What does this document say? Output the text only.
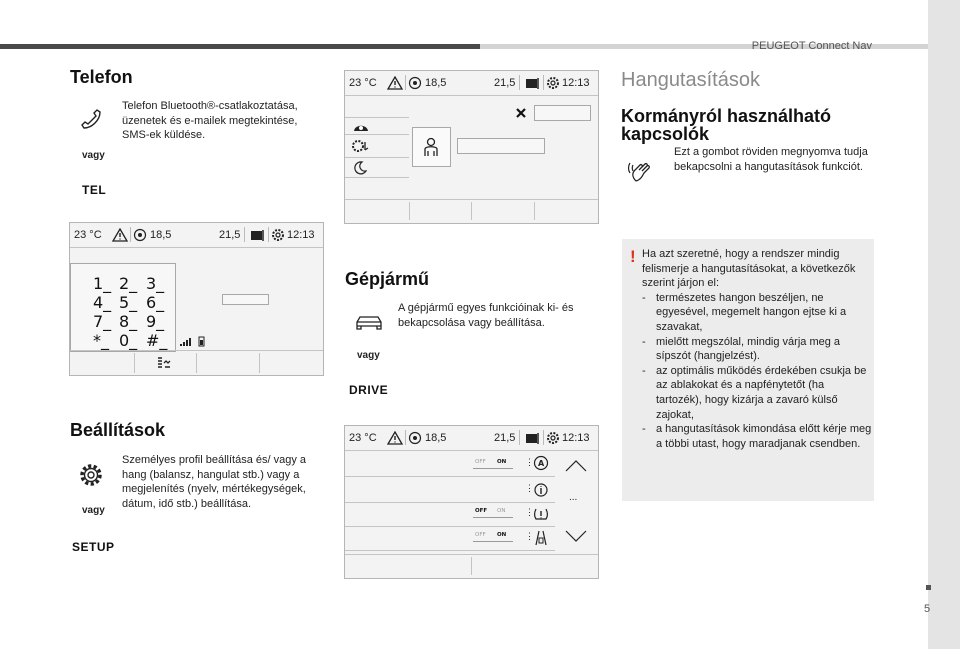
PEUGEOT Connect Nav
5
Telefon
Telefon Bluetooth®-csatlakoztatása, üzenetek és e-mailek megtekintése, SMS-ek küldése.
vagy
TEL
23 °C	18,5	21,5	12:13
1_ 2_ 3_
4_ 5_ 6_
7_ 8_ 9_
*_ 0_ #_
Beállítások
Személyes profil beállítása és/ vagy a hang (balansz, hangulat stb.) vagy a megjelenítés (nyelv, mértékegységek, dátum, idő stb.) beállítása.
vagy
SETUP
23 °C	18,5	21,5	12:13
Gépjármű
A gépjármű egyes funkcióinak ki- és bekapcsolása vagy beállítása.
vagy
DRIVE
23 °C	18,5	21,5	12:13
OFF ON ⋮ A
⋮
OFF ON ⋮
OFF ON ⋮
...
Hangutasítások
Kormányról használható kapcsolók
Ezt a gombot röviden megnyomva tudja bekapcsolni a hangutasítások funkciót.
! Ha azt szeretné, hogy a rendszer mindig felismerje a hangutasításokat, a következők szerint járjon el:
- természetes hangon beszéljen, ne egyesével, megemelt hangon ejtse ki a szavakat,
- mielőtt megszólal, mindig várja meg a sípszót (hangjelzést).
- az optimális működés érdekében csukja be az ablakokat és a napfénytetőt (ha tartozék), hogy kizárja a zavaró külső zajokat,
- a hangutasítások kimondása előtt kérje meg a többi utast, hogy maradjanak csendben.
